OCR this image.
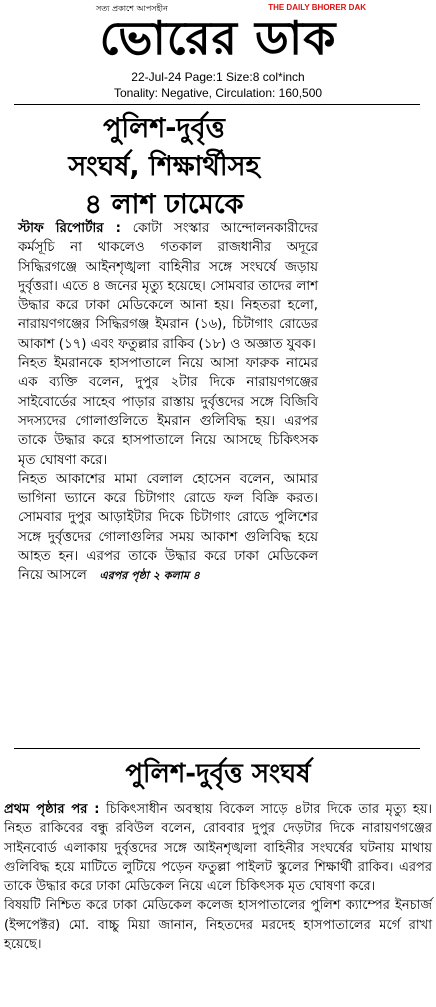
সত্য প্রকাশে আপসহীন	THE DAILY BHORER DAK
ভোরের ডাক
22-Jul-24 Page:1 Size:8 col*inch
Tonality: Negative, Circulation: 160,500
পুলিশ-দুর্বৃত্ত
সংঘর্ষ, শিক্ষার্থীসহ
৪ লাশ ঢামেকে

স্টাফ রিপোর্টার : কোটা সংস্কার আন্দোলনকারীদের কর্মসূচি না থাকলেও গতকাল রাজধানীর অদূরে সিদ্ধিরগঞ্জে আইনশৃঙ্খলা বাহিনীর সঙ্গে সংঘর্ষে জড়ায় দুর্বৃত্তরা। এতে ৪ জনের মৃত্যু হয়েছে। সোমবার তাদের লাশ উদ্ধার করে ঢাকা মেডিকেলে আনা হয়। নিহতরা হলো, নারায়ণগঞ্জের সিদ্ধিরগঞ্জ ইমরান (১৬), চিটাগাং রোডের আকাশ (১৭) এবং ফতুল্লার রাকিব (১৮) ও অজ্ঞাত যুবক।

নিহত ইমরানকে হাসপাতালে নিয়ে আসা ফারুক নামের এক ব্যক্তি বলেন, দুপুর ২টার দিকে নারায়ণগঞ্জের সাইবোর্ডের সাহেব পাড়ার রাস্তায় দুর্বৃত্তদের সঙ্গে বিজিবি সদস্যদের গোলাগুলিতে ইমরান গুলিবিদ্ধ হয়। এরপর তাকে উদ্ধার করে হাসপাতালে নিয়ে আসছে চিকিৎসক মৃত ঘোষণা করে।

নিহত আকাশের মামা বেলাল হোসেন বলেন, আমার ভাগিনা ভ্যানে করে চিটাগাং রোডে ফল বিক্রি করত। সোমবার দুপুর আড়াইটার দিকে চিটাগাং রোডে পুলিশের সঙ্গে দুর্বৃত্তদের গোলাগুলির সময় আকাশ গুলিবিদ্ধ হয়ে আহত হন। এরপর তাকে উদ্ধার করে ঢাকা মেডিকেল নিয়ে আসলে এরপর পৃষ্ঠা ২ কলাম ৪

পুলিশ-দুর্বৃত্ত সংঘর্ষ

প্রথম পৃষ্ঠার পর : চিকিৎসাধীন অবস্থায় বিকেল সাড়ে ৪টার দিকে তার মৃত্যু হয়। নিহত রাকিবের বন্ধু রবিউল বলেন, রোববার দুপুর দেড়টার দিকে নারায়ণগঞ্জের সাইনবোর্ড এলাকায় দুর্বৃত্তদের সঙ্গে আইনশৃঙ্খলা বাহিনীর সংঘর্ষের ঘটনায় মাথায় গুলিবিদ্ধ হয়ে মাটিতে লুটিয়ে পড়েন ফতুল্লা পাইলট স্কুলের শিক্ষার্থী রাকিব। এরপর তাকে উদ্ধার করে ঢাকা মেডিকেল নিয়ে এলে চিকিৎসক মৃত ঘোষণা করে।

বিষয়টি নিশ্চিত করে ঢাকা মেডিকেল কলেজ হাসপাতালের পুলিশ ক্যাম্পের ইনচার্জ (ইন্সপেক্টর) মো. বাচ্চু মিয়া জানান, নিহতদের মরদেহ হাসপাতালের মর্গে রাখা হয়েছে।
